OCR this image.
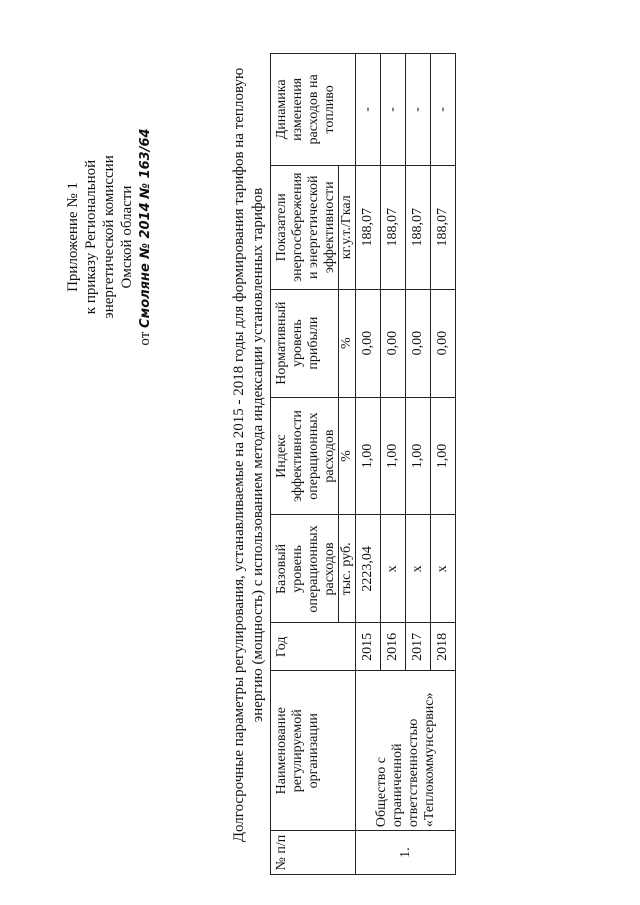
Приложение № 1 к приказу Региональной энергетической комиссии Омской области
от Смоляне № 2014 № 163/64	Долгосрочные параметры регулирования, устанавливаемые на 2015 - 2018 годы для формирования тарифов на тепловую энергию (мощность) с использованием метода индексации установленных тарифов
№ п/п	Наименование регулируемой организации	Год	Базовый уровень операционных расходов	Индекс эффективности операционных расходов	Нормативный уровень прибыли	Показатели энергосбережения и энергетической эффективности	Динамика изменения расходов на топливо
			тыс. руб.	%	%	кг.у.т./Гкал	
1.	Общество с ограниченной ответственностью «Теплокоммунсервис»	2015	2223,04	1,00	0,00	188,07	-
		2016	х	1,00	0,00	188,07	-
		2017	х	1,00	0,00	188,07	-
		2018	х	1,00	0,00	188,07	-
